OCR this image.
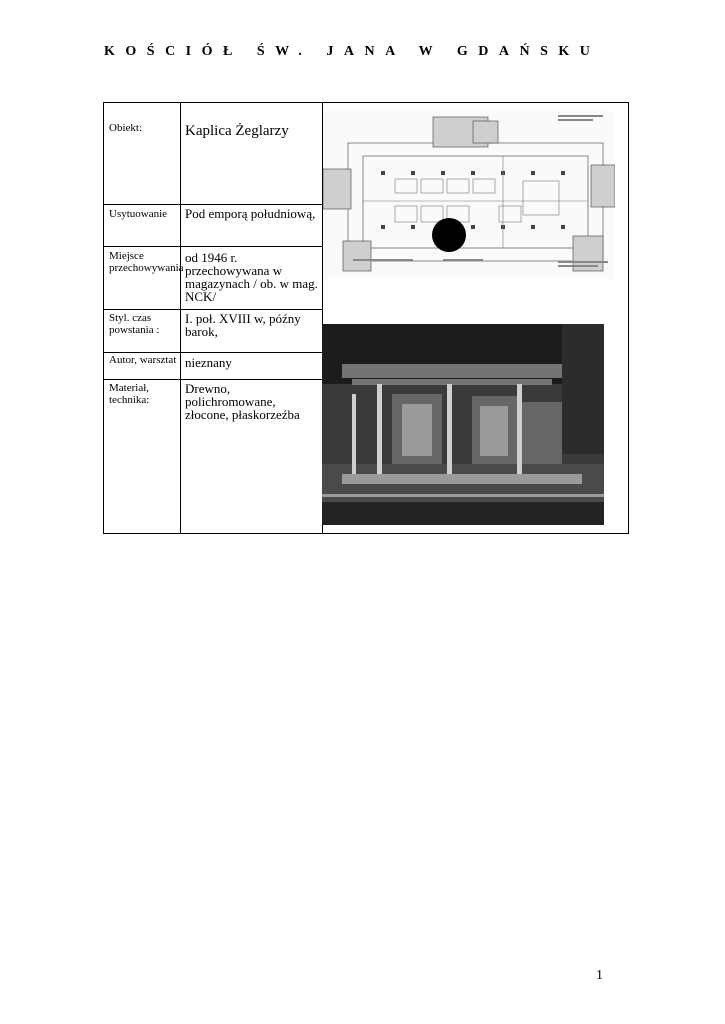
KOŚCIÓŁ ŚW. JANA W GDAŃSKU
Obiekt:	Kaplica Żeglarzy
Usytuowanie	Pod emporą południową,
Miejsce przechowywania
od 1946 r. przechowywana w magazynach / ob. w mag. NCK/
Styl. czas powstania :
I. poł. XVIII w, późny barok,
Autor, warsztat nieznany
Materiał, technika:
Drewno, polichromowane, złocone, płaskorzeźba
1
